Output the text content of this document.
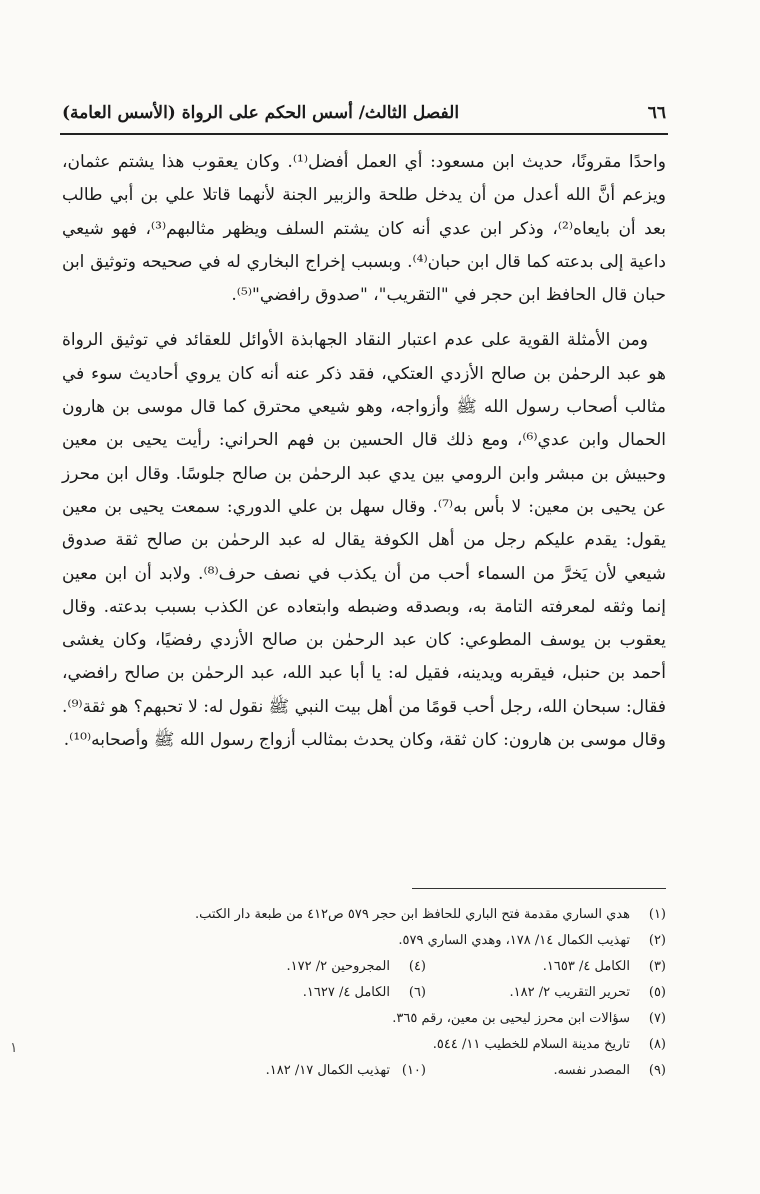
٦٦
الفصل الثالث/ أسس الحكم على الرواة (الأسس العامة)

واحدًا مقرونًا، حديث ابن مسعود: أي العمل أفضل⁽¹⁾. وكان يعقوب هذا يشتم عثمان، ويزعم أنَّ الله أعدل من أن يدخل طلحة والزبير الجنة لأنهما قاتلا علي بن أبي طالب بعد أن بايعاه⁽²⁾، وذكر ابن عدي أنه كان يشتم السلف ويظهر مثالبهم⁽³⁾، فهو شيعي داعية إلى بدعته كما قال ابن حبان⁽⁴⁾. وبسبب إخراج البخاري له في صحيحه وتوثيق ابن حبان قال الحافظ ابن حجر في "التقريب"، "صدوق رافضي"⁽⁵⁾.

ومن الأمثلة القوية على عدم اعتبار النقاد الجهابذة الأوائل للعقائد في توثيق الرواة هو عبد الرحمٰن بن صالح الأزدي العتكي، فقد ذكر عنه أنه كان يروي أحاديث سوء في مثالب أصحاب رسول الله ﷺ وأزواجه، وهو شيعي محترق كما قال موسى بن هارون الحمال وابن عدي⁽⁶⁾، ومع ذلك قال الحسين بن فهم الحراني: رأيت يحيى بن معين وحبيش بن مبشر وابن الرومي بين يدي عبد الرحمٰن بن صالح جلوسًا. وقال ابن محرز عن يحيى بن معين: لا بأس به⁽⁷⁾. وقال سهل بن علي الدوري: سمعت يحيى بن معين يقول: يقدم عليكم رجل من أهل الكوفة يقال له عبد الرحمٰن بن صالح ثقة صدوق شيعي لأن يَخرَّ من السماء أحب من أن يكذب في نصف حرف⁽⁸⁾. ولابد أن ابن معين إنما وثقه لمعرفته التامة به، وبصدقه وضبطه وابتعاده عن الكذب بسبب بدعته. وقال يعقوب بن يوسف المطوعي: كان عبد الرحمٰن بن صالح الأزدي رفضيًا، وكان يغشى أحمد بن حنبل، فيقربه ويدينه، فقيل له: يا أبا عبد الله، عبد الرحمٰن بن صالح رافضي، فقال: سبحان الله، رجل أحب قومًا من أهل بيت النبي ﷺ نقول له: لا تحبهم؟ هو ثقة⁽⁹⁾. وقال موسى بن هارون: كان ثقة، وكان يحدث بمثالب أزواج رسول الله ﷺ وأصحابه⁽¹⁰⁾.

(١)
هدي الساري مقدمة فتح الباري للحافظ ابن حجر ٥٧٩ ص٤١٢ من طبعة دار الكتب.
(٢)
تهذيب الكمال ١٤/ ١٧٨، وهدي الساري ٥٧٩.
(٣)
الكامل ٤/ ١٦٥٣.
(٤)
المجروحين ٢/ ١٧٢.
(٥)
تحرير التقريب ٢/ ١٨٢.
(٦)
الكامل ٤/ ١٦٢٧.
(٧)
سؤالات ابن محرز ليحيى بن معين، رقم ٣٦٥.
(٨)
تاريخ مدينة السلام للخطيب ١١/ ٥٤٤.
(٩)
المصدر نفسه.
(١٠)
تهذيب الكمال ١٧/ ١٨٢.
١
